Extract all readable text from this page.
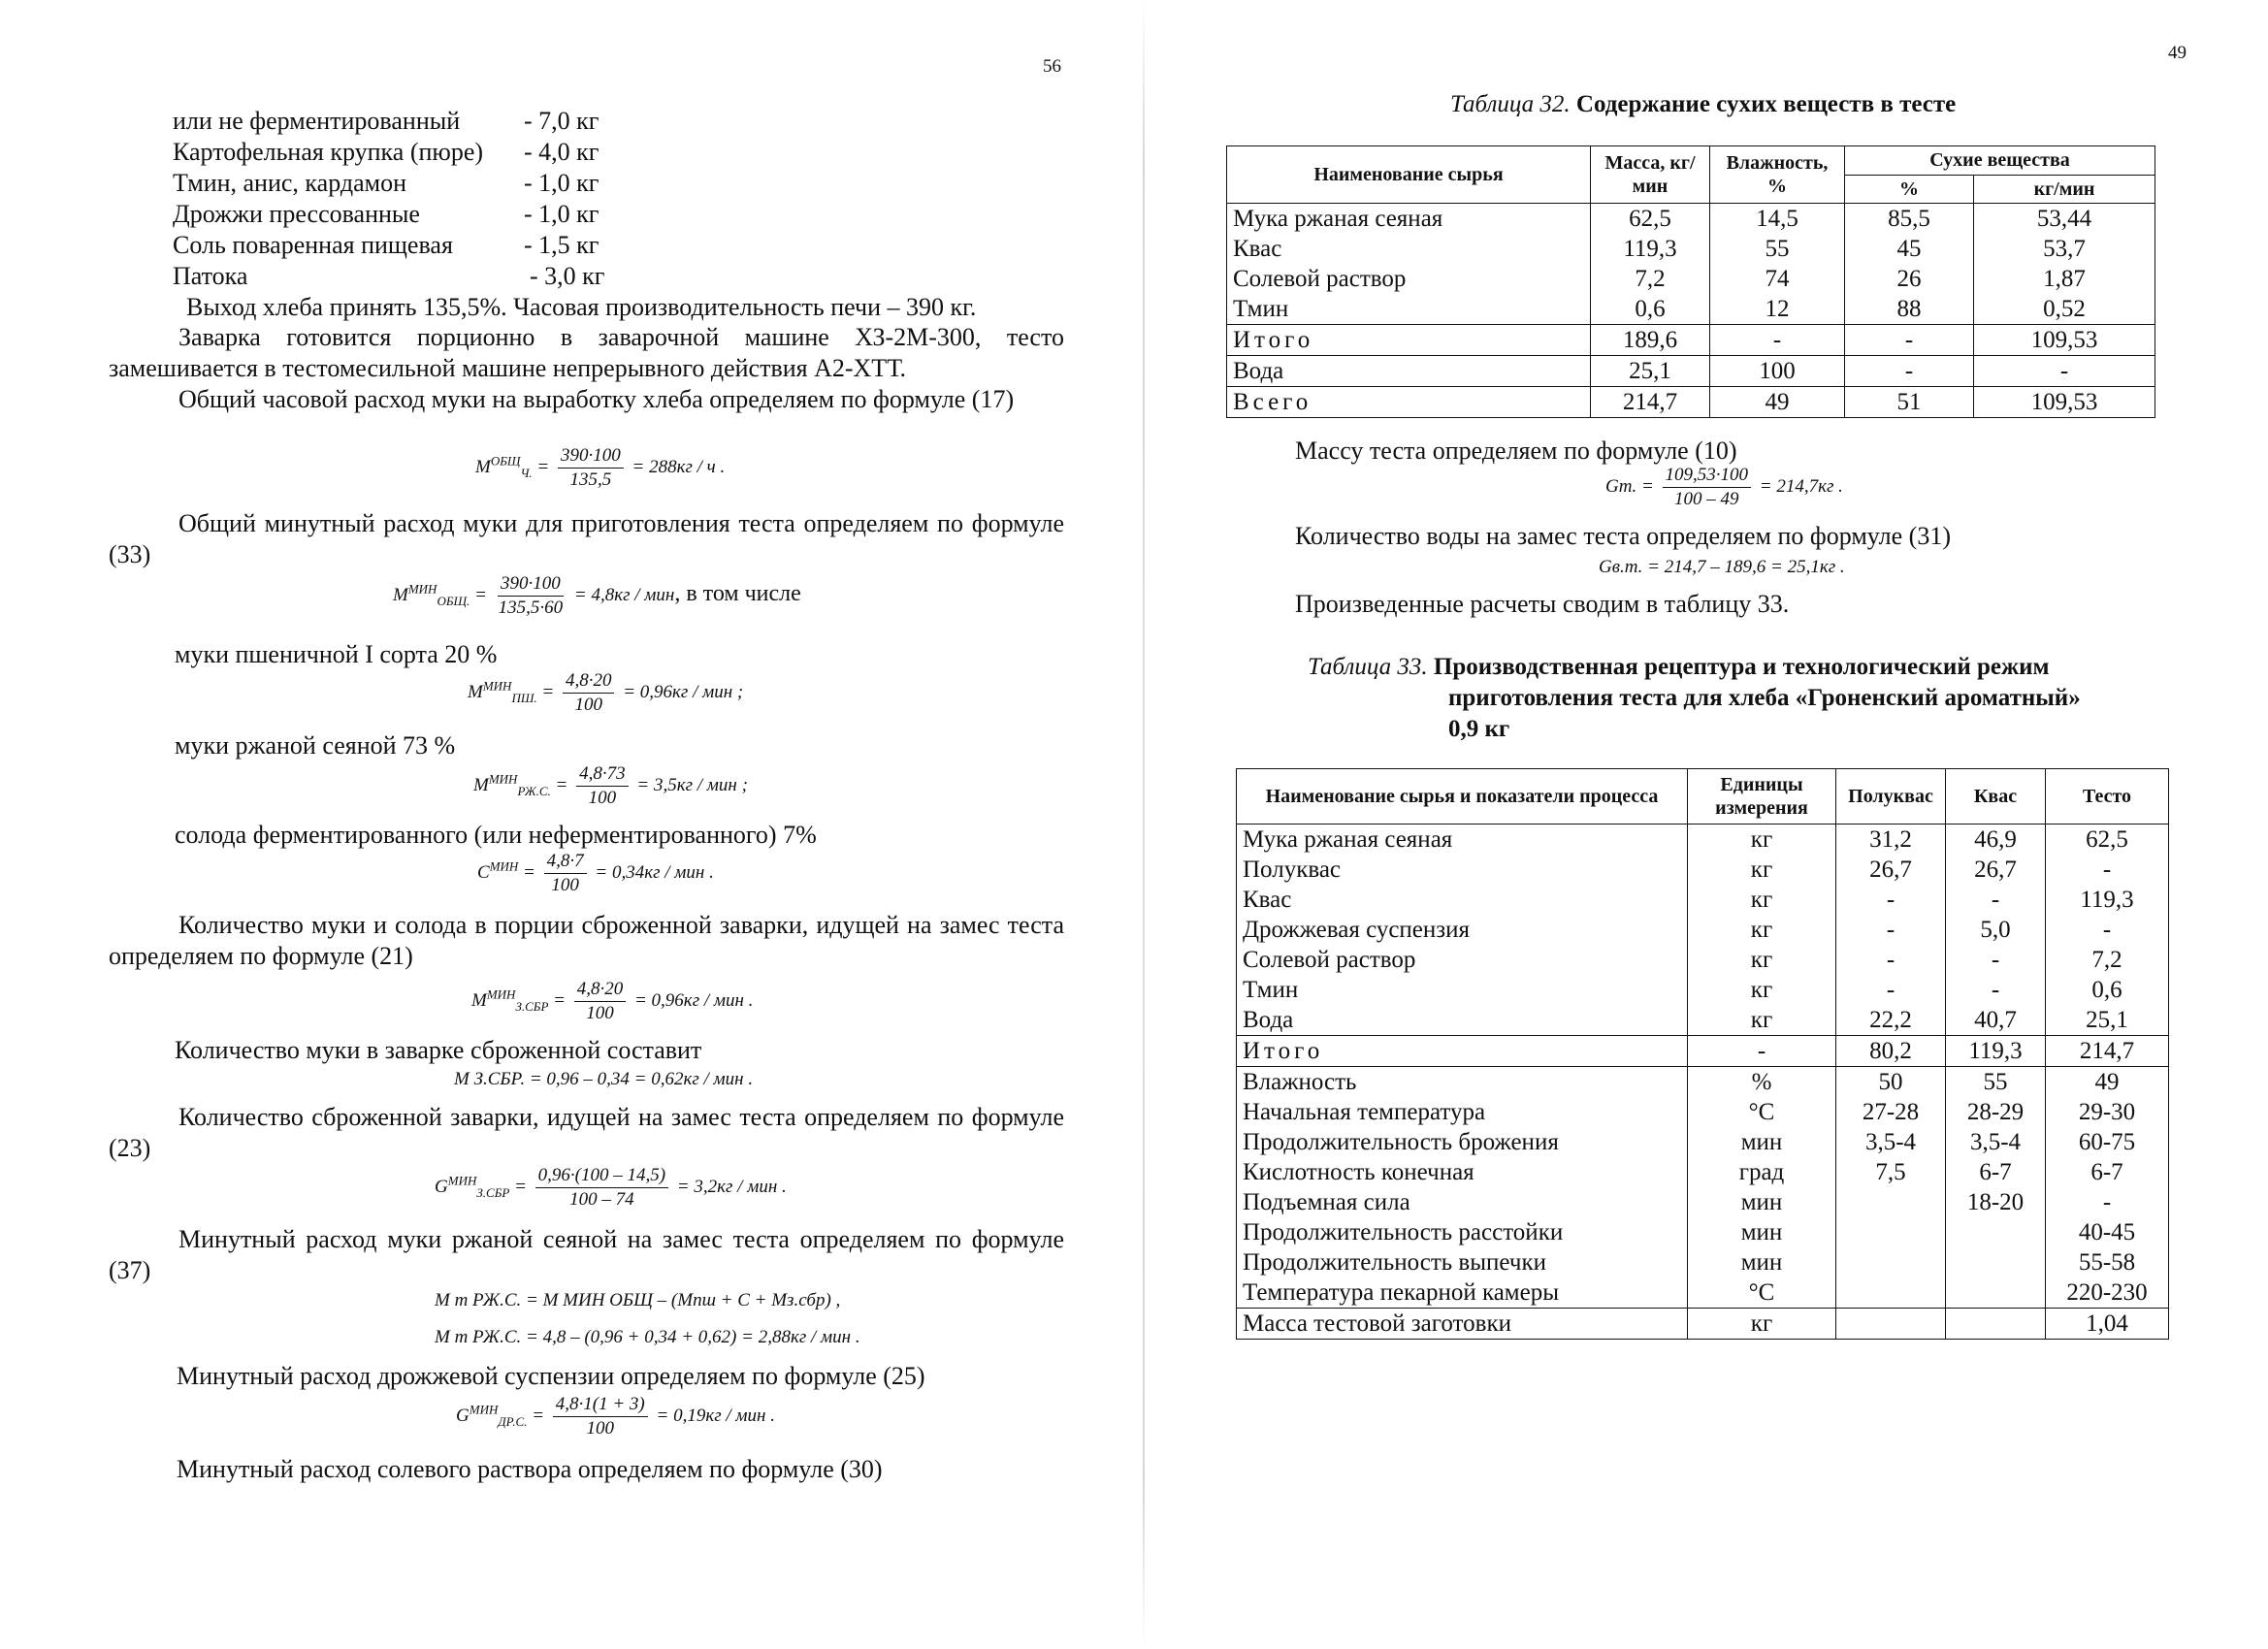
56
или не ферментированный	- 7,0 кг
Картофельная крупка (пюре) - 4,0 кг
Тмин, анис, кардамон	- 1,0 кг
Дрожжи прессованные	- 1,0 кг
Соль поваренная пищевая	- 1,5 кг
Патока	- 3,0 кг
Выход хлеба принять 135,5%. Часовая производительность печи – 390 кг.
Заварка готовится порционно в заварочной машине ХЗ-2М-300, тесто замешивается в тестомесильной машине непрерывного действия А2-ХТТ.
Общий часовой расход муки на выработку хлеба определяем по формуле (17)
$M^{ОБЩ}_{Ч.} = \frac{390\cdot 100}{135,5} = 288кг / ч$ .
Общий минутный расход муки для приготовления теста определяем по формуле (33)
$M^{МИН}_{ОБЩ.} = \frac{390\cdot 100}{135,5\cdot 60} = 4,8кг$ / мин, в том числе
муки пшеничной I сорта 20 %
$M^{МИН}_{ПШ.} = \frac{4,8\cdot 20}{100} = 0,96кг$ / мин ;
муки ржаной сеяной 73 %
$M^{МИН}_{РЖ.С.} = \frac{4,8\cdot 73}{100} = 3,5кг$ / мин ;
солода ферментированного (или неферментированного) 7%
$C^{МИН} = \frac{4,8\cdot 7}{100} = 0,34кг$ / мин .
Количество муки и солода в порции сброженной заварки, идущей на замес теста определяем по формуле (21)
$M^{МИН}_{З.СБР} = \frac{4,8\cdot 20}{100} = 0,96кг$ / мин .
Количество муки в заварке сброженной составит
M З.СБР. = 0,96 – 0,34 = 0,62кг / мин .
Количество сброженной заварки, идущей на замес теста определяем по формуле (23)
$G^{МИН}_{З.СБР} = \frac{0,96\cdot(100 - 14,5)}{100 - 74} = 3,2кг$ / мин .
Минутный расход муки ржаной сеяной на замес теста определяем по формуле (37)
M m РЖ.С. = M МИН ОБЩ – (Мпш + C + Мз.сбр) ,
M m РЖ.С. = 4,8 – (0,96 + 0,34 + 0,62) = 2,88кг / мин .
Минутный расход дрожжевой суспензии определяем по формуле (25)
$G^{МИН}_{ДР.С.} = \frac{4,8\cdot 1(1 + 3)}{100} = 0,19кг$ / мин .
Минутный расход солевого раствора определяем по формуле (30)
49
Таблица 32. Содержание сухих веществ в тесте
Наименование сырья	Масса, кг/мин	Влажность, %	Сухие вещества	
			%	кг/мин
Мука ржаная сеяная	62,5	14,5	85,5	53,44
Квас	119,3	55	45	53,7
Солевой раствор	7,2	74	26	1,87
Тмин	0,6	12	88	0,52
Итого	189,6	-	-	109,53
Вода	25,1	100	-	-
Всего	214,7	49	51	109,53
Массу теста определяем по формуле (10)
Gm. = $\frac{109,53\cdot 100}{100 - 49} = 214,7кг$ .
Количество воды на замес теста определяем по формуле (31)
Gв.т. = 214,7 – 189,6 = 25,1кг .
Произведенные расчеты сводим в таблицу 33.
Таблица 33. Производственная рецептура и технологический режим
приготовления теста для хлеба «Гроненский ароматный»
0,9 кг
Наименование сырья и показатели процесса	Единицы измерения	Полуквас	Квас	Тесто
Мука ржаная сеяная	кг	31,2	46,9	62,5
Полуквас	кг	26,7	26,7	-
Квас	кг	-	-	119,3
Дрожжевая суспензия	кг	-	5,0	-
Солевой раствор	кг	-	-	7,2
Тмин	кг	-	-	0,6
Вода	кг	22,2	40,7	25,1
Итого	-	80,2	119,3	214,7
Влажность	%	50	55	49
Начальная температура	°C	27-28	28-29	29-30
Продолжительность брожения	мин	3,5-4	3,5-4	60-75
Кислотность конечная	град	7,5	6-7	6-7
Подъемная сила	мин		18-20	-
Продолжительность расстойки	мин			40-45
Продолжительность выпечки	мин			55-58
Температура пекарной камеры	°C			220-230
Масса тестовой заготовки	кг			1,04
